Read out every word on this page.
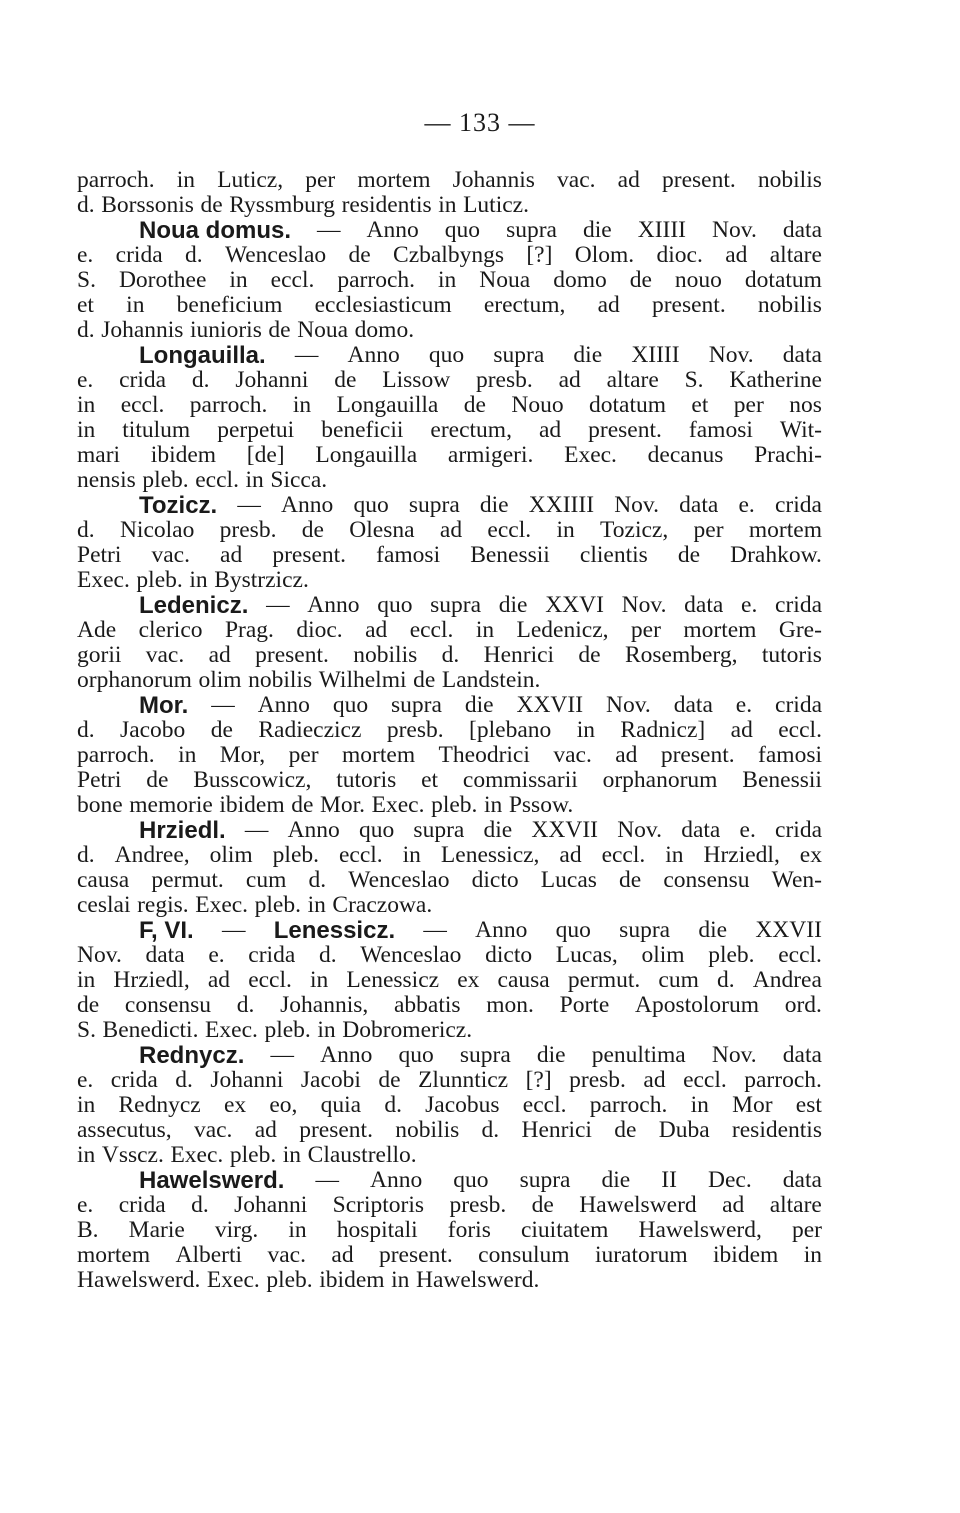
— 133 —
parroch. in Luticz, per mortem Johannis vac. ad present. nobilis
d. Borssonis de Ryssmburg residentis in Luticz.
Noua domus. — Anno quo supra die XIIII Nov. data
e. crida d. Wenceslao de Czbalbyngs [?] Olom. dioc. ad altare
S. Dorothee in eccl. parroch. in Noua domo de nouo dotatum
et in beneficium ecclesiasticum erectum, ad present. nobilis
d. Johannis iunioris de Noua domo.
Longauilla. — Anno quo supra die XIIII Nov. data
e. crida d. Johanni de Lissow presb. ad altare S. Katherine
in eccl. parroch. in Longauilla de Nouo dotatum et per nos
in titulum perpetui beneficii erectum, ad present. famosi Wit-
mari ibidem [de] Longauilla armigeri. Exec. decanus Prachi-
nensis pleb. eccl. in Sicca.
Tozicz. — Anno quo supra die XXIIII Nov. data e. crida
d. Nicolao presb. de Olesna ad eccl. in Tozicz, per mortem
Petri vac. ad present. famosi Benessii clientis de Drahkow.
Exec. pleb. in Bystrzicz.
Ledenicz. — Anno quo supra die XXVI Nov. data e. crida
Ade clerico Prag. dioc. ad eccl. in Ledenicz, per mortem Gre-
gorii vac. ad present. nobilis d. Henrici de Rosemberg, tutoris
orphanorum olim nobilis Wilhelmi de Landstein.
Mor. — Anno quo supra die XXVII Nov. data e. crida
d. Jacobo de Radieczicz presb. [plebano in Radnicz] ad eccl.
parroch. in Mor, per mortem Theodrici vac. ad present. famosi
Petri de Busscowicz, tutoris et commissarii orphanorum Benessii
bone memorie ibidem de Mor. Exec. pleb. in Pssow.
Hrziedl. — Anno quo supra die XXVII Nov. data e. crida
d. Andree, olim pleb. eccl. in Lenessicz, ad eccl. in Hrziedl, ex
causa permut. cum d. Wenceslao dicto Lucas de consensu Wen-
ceslai regis. Exec. pleb. in Craczowa.
F, VI. — Lenessicz. — Anno quo supra die XXVII
Nov. data e. crida d. Wenceslao dicto Lucas, olim pleb. eccl.
in Hrziedl, ad eccl. in Lenessicz ex causa permut. cum d. Andrea
de consensu d. Johannis, abbatis mon. Porte Apostolorum ord.
S. Benedicti. Exec. pleb. in Dobromericz.
Rednycz. — Anno quo supra die penultima Nov. data
e. crida d. Johanni Jacobi de Zlunnticz [?] presb. ad eccl. parroch.
in Rednycz ex eo, quia d. Jacobus eccl. parroch. in Mor est
assecutus, vac. ad present. nobilis d. Henrici de Duba residentis
in Vsscz. Exec. pleb. in Claustrello.
Hawelswerd. — Anno quo supra die II Dec. data
e. crida d. Johanni Scriptoris presb. de Hawelswerd ad altare
B. Marie virg. in hospitali foris ciuitatem Hawelswerd, per
mortem Alberti vac. ad present. consulum iuratorum ibidem in
Hawelswerd. Exec. pleb. ibidem in Hawelswerd.
